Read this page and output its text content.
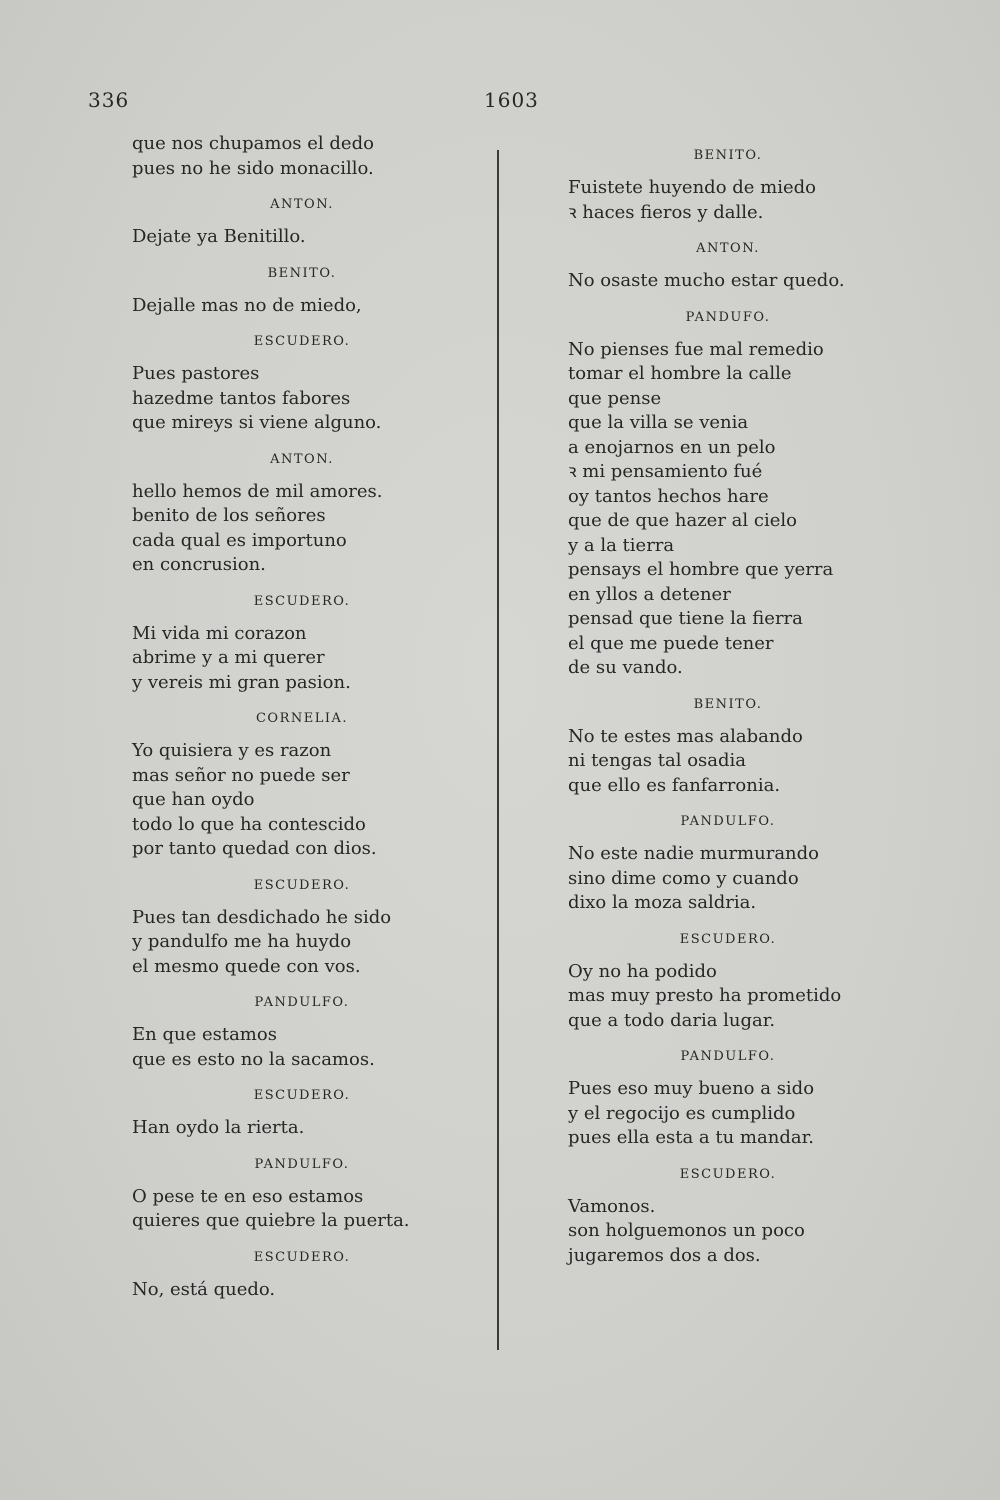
336	1603

que nos chupamos el dedo

pues no he sido monacillo.

ANTON.

Dejate ya Benitillo.

BENITO.

Dejalle mas no de miedo,

ESCUDERO.

Pues pastores

hazedme tantos fabores

que mireys si viene alguno.

ANTON.

hello hemos de mil amores.

benito de los señores

cada qual es importuno

en concrusion.

ESCUDERO.

Mi vida mi corazon

abrime y a mi querer

y vereis mi gran pasion.

CORNELIA.

Yo quisiera y es razon

mas señor no puede ser

que han oydo

todo lo que ha contescido

por tanto quedad con dios.

ESCUDERO.

Pues tan desdichado he sido

y pandulfo me ha huydo

el mesmo quede con vos.

PANDULFO.

En que estamos

que es esto no la sacamos.

ESCUDERO.

Han oydo la rierta.

PANDULFO.

O pese te en eso estamos

quieres que quiebre la puerta.

ESCUDERO.

No, está quedo.

BENITO.

Fuistete huyendo de miedo

ꝛ haces fieros y dalle.

ANTON.

No osaste mucho estar quedo.

PANDUFO.

No pienses fue mal remedio

tomar el hombre la calle

que pense

que la villa se venia

a enojarnos en un pelo

ꝛ mi pensamiento fué

oy tantos hechos hare

que de que hazer al cielo

y a la tierra

pensays el hombre que yerra

en yllos a detener

pensad que tiene la fierra

el que me puede tener

de su vando.

BENITO.

No te estes mas alabando

ni tengas tal osadia

que ello es fanfarronia.

PANDULFO.

No este nadie murmurando

sino dime como y cuando

dixo la moza saldria.

ESCUDERO.

Oy no ha podido

mas muy presto ha prometido

que a todo daria lugar.

PANDULFO.

Pues eso muy bueno a sido

y el regocijo es cumplido

pues ella esta a tu mandar.

ESCUDERO.

Vamonos.

son holguemonos un poco

jugaremos dos a dos.
